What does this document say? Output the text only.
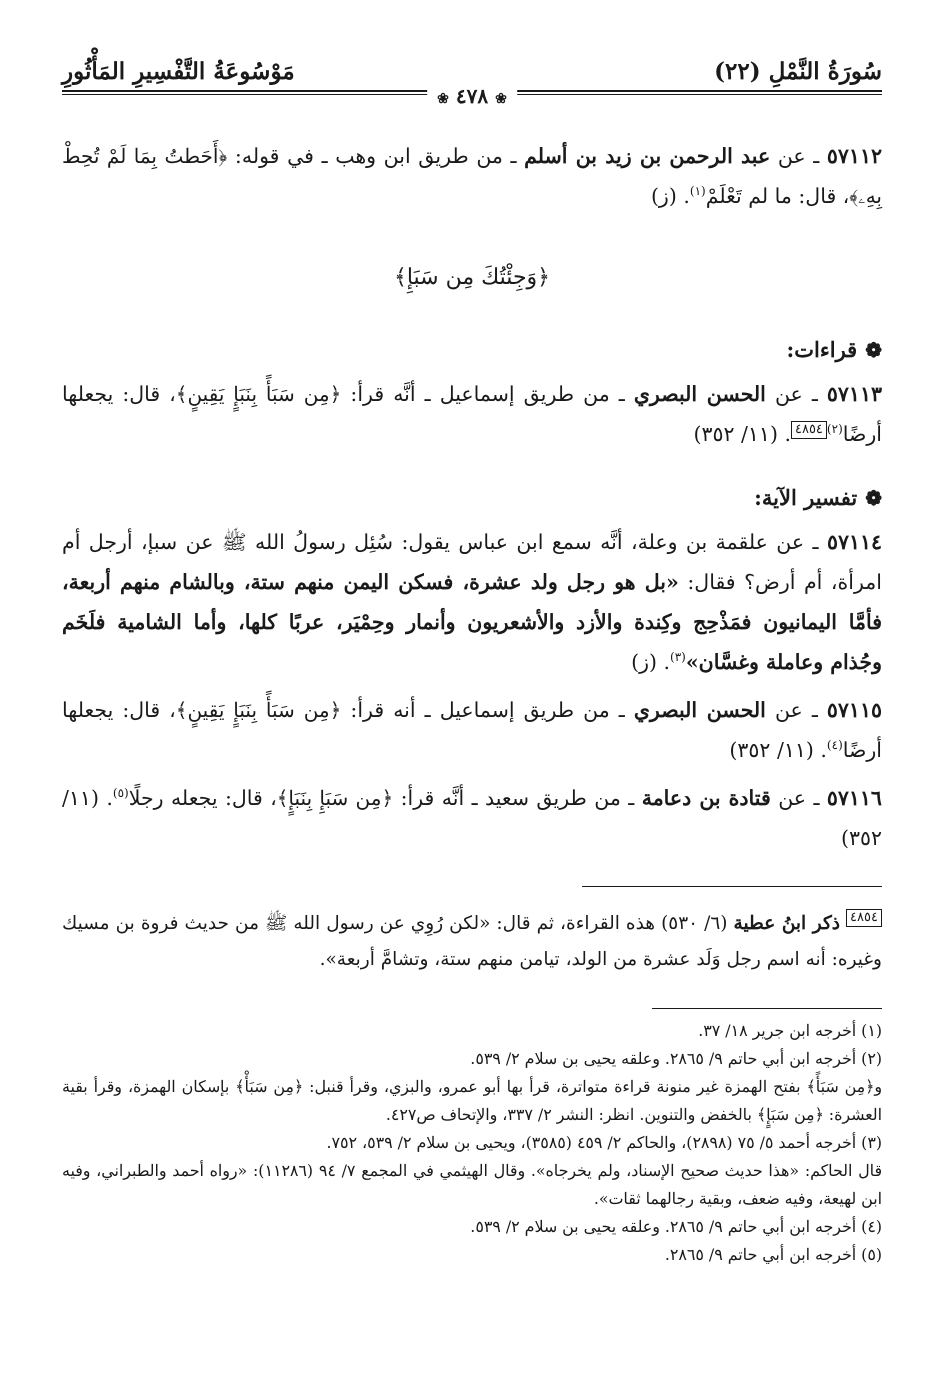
سُورَةُ النَّمْلِ (٢٢)
مَوْسُوعَةُ التَّفْسِيرِ المَأْثُورِ
❀ ٤٧٨ ❀

٥٧١١٢ ـ عن عبد الرحمن بن زيد بن أسلم ـ من طريق ابن وهب ـ في قوله: ﴿أَحَطتُ بِمَا لَمْ تُحِطْ بِهِۦ﴾، قال: ما لم تَعْلَمْ$^{(١)}$. (ز)

﴿وَجِئْتُكَ مِن سَبَإِ﴾
❁
قراءات:

٥٧١١٣ ـ عن الحسن البصري ـ من طريق إسماعيل ـ أنَّه قرأ: ﴿مِن سَبَأً بِنَبَإٍ يَقِينٍ﴾، قال: يجعلها أرضًا$^{(٢)}$٤٨٥٤. (١١/ ٣٥٢)

❁
تفسير الآية:

٥٧١١٤ ـ عن علقمة بن وعلة، أنَّه سمع ابن عباس يقول: سُئِل رسولُ الله ﷺ عن سبإ، أرجل أم امرأة، أم أرض؟ فقال: «بل هو رجل ولد عشرة، فسكن اليمن منهم ستة، وبالشام منهم أربعة، فأمَّا اليمانيون فمَذْحِج وكِندة والأزد والأشعريون وأنمار وحِمْيَر، عربًا كلها، وأما الشامية فلَخَم وجُذام وعاملة وغسَّان»$^{(٣)}$. (ز)

٥٧١١٥ ـ عن الحسن البصري ـ من طريق إسماعيل ـ أنه قرأ: ﴿مِن سَبَأً بِنَبَإٍ يَقِينٍ﴾، قال: يجعلها أرضًا$^{(٤)}$. (١١/ ٣٥٢)

٥٧١١٦ ـ عن قتادة بن دعامة ـ من طريق سعيد ـ أنَّه قرأ: ﴿مِن سَبَإِ بِنَبَإٍ﴾، قال: يجعله رجلًا$^{(٥)}$. (١١/ ٣٥٢)

٤٨٥٤ ذكر ابنُ عطية (٦/ ٥٣٠) هذه القراءة، ثم قال: «لكن رُوِي عن رسول الله ﷺ من حديث فروة بن مسيك وغيره: أنه اسم رجل وَلَد عشرة من الولد، تيامن منهم ستة، وتشامَّ أربعة».

(١) أخرجه ابن جرير ١٨/ ٣٧.

(٢) أخرجه ابن أبي حاتم ٩/ ٢٨٦٥. وعلقه يحيى بن سلام ٢/ ٥٣٩.

و﴿مِن سَبَأً﴾ بفتح الهمزة غير منونة قراءة متواترة، قرأ بها أبو عمرو، والبزي، وقرأ قنبل: ﴿مِن سَبَأْ﴾ بإسكان الهمزة، وقرأ بقية العشرة: ﴿مِن سَبَإٍ﴾ بالخفض والتنوين. انظر: النشر ٢/ ٣٣٧، والإتحاف ص٤٢٧.

(٣) أخرجه أحمد ٥/ ٧٥ (٢٨٩٨)، والحاكم ٢/ ٤٥٩ (٣٥٨٥)، ويحيى بن سلام ٢/ ٥٣٩، ٧٥٢.

قال الحاكم: «هذا حديث صحيح الإسناد، ولم يخرجاه». وقال الهيثمي في المجمع ٧/ ٩٤ (١١٢٨٦): «رواه أحمد والطبراني، وفيه ابن لهيعة، وفيه ضعف، وبقية رجالهما ثقات».

(٤) أخرجه ابن أبي حاتم ٩/ ٢٨٦٥. وعلقه يحيى بن سلام ٢/ ٥٣٩.

(٥) أخرجه ابن أبي حاتم ٩/ ٢٨٦٥.
